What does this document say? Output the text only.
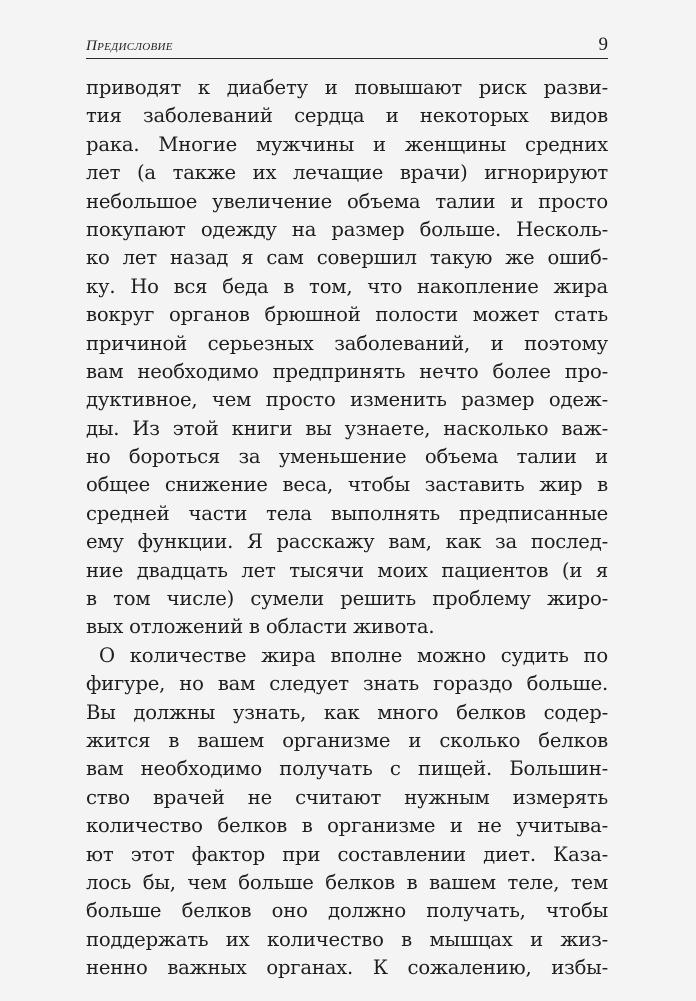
Предисловие	9
приводят к диабету и повышают риск разви-
тия заболеваний сердца и некоторых видов
рака. Многие мужчины и женщины средних
лет (а также их лечащие врачи) игнорируют
небольшое увеличение объема талии и просто
покупают одежду на размер больше. Несколь-
ко лет назад я сам совершил такую же ошиб-
ку. Но вся беда в том, что накопление жира
вокруг органов брюшной полости может стать
причиной серьезных заболеваний, и поэтому
вам необходимо предпринять нечто более про-
дуктивное, чем просто изменить размер одеж-
ды. Из этой книги вы узнаете, насколько важ-
но бороться за уменьшение объема талии и
общее снижение веса, чтобы заставить жир в
средней части тела выполнять предписанные
ему функции. Я расскажу вам, как за послед-
ние двадцать лет тысячи моих пациентов (и я
в том числе) сумели решить проблему жиро-
вых отложений в области живота.
О количестве жира вполне можно судить по
фигуре, но вам следует знать гораздо больше.
Вы должны узнать, как много белков содер-
жится в вашем организме и сколько белков
вам необходимо получать с пищей. Большин-
ство врачей не считают нужным измерять
количество белков в организме и не учитыва-
ют этот фактор при составлении диет. Каза-
лось бы, чем больше белков в вашем теле, тем
больше белков оно должно получать, чтобы
поддержать их количество в мышцах и жиз-
ненно важных органах. К сожалению, избы-
